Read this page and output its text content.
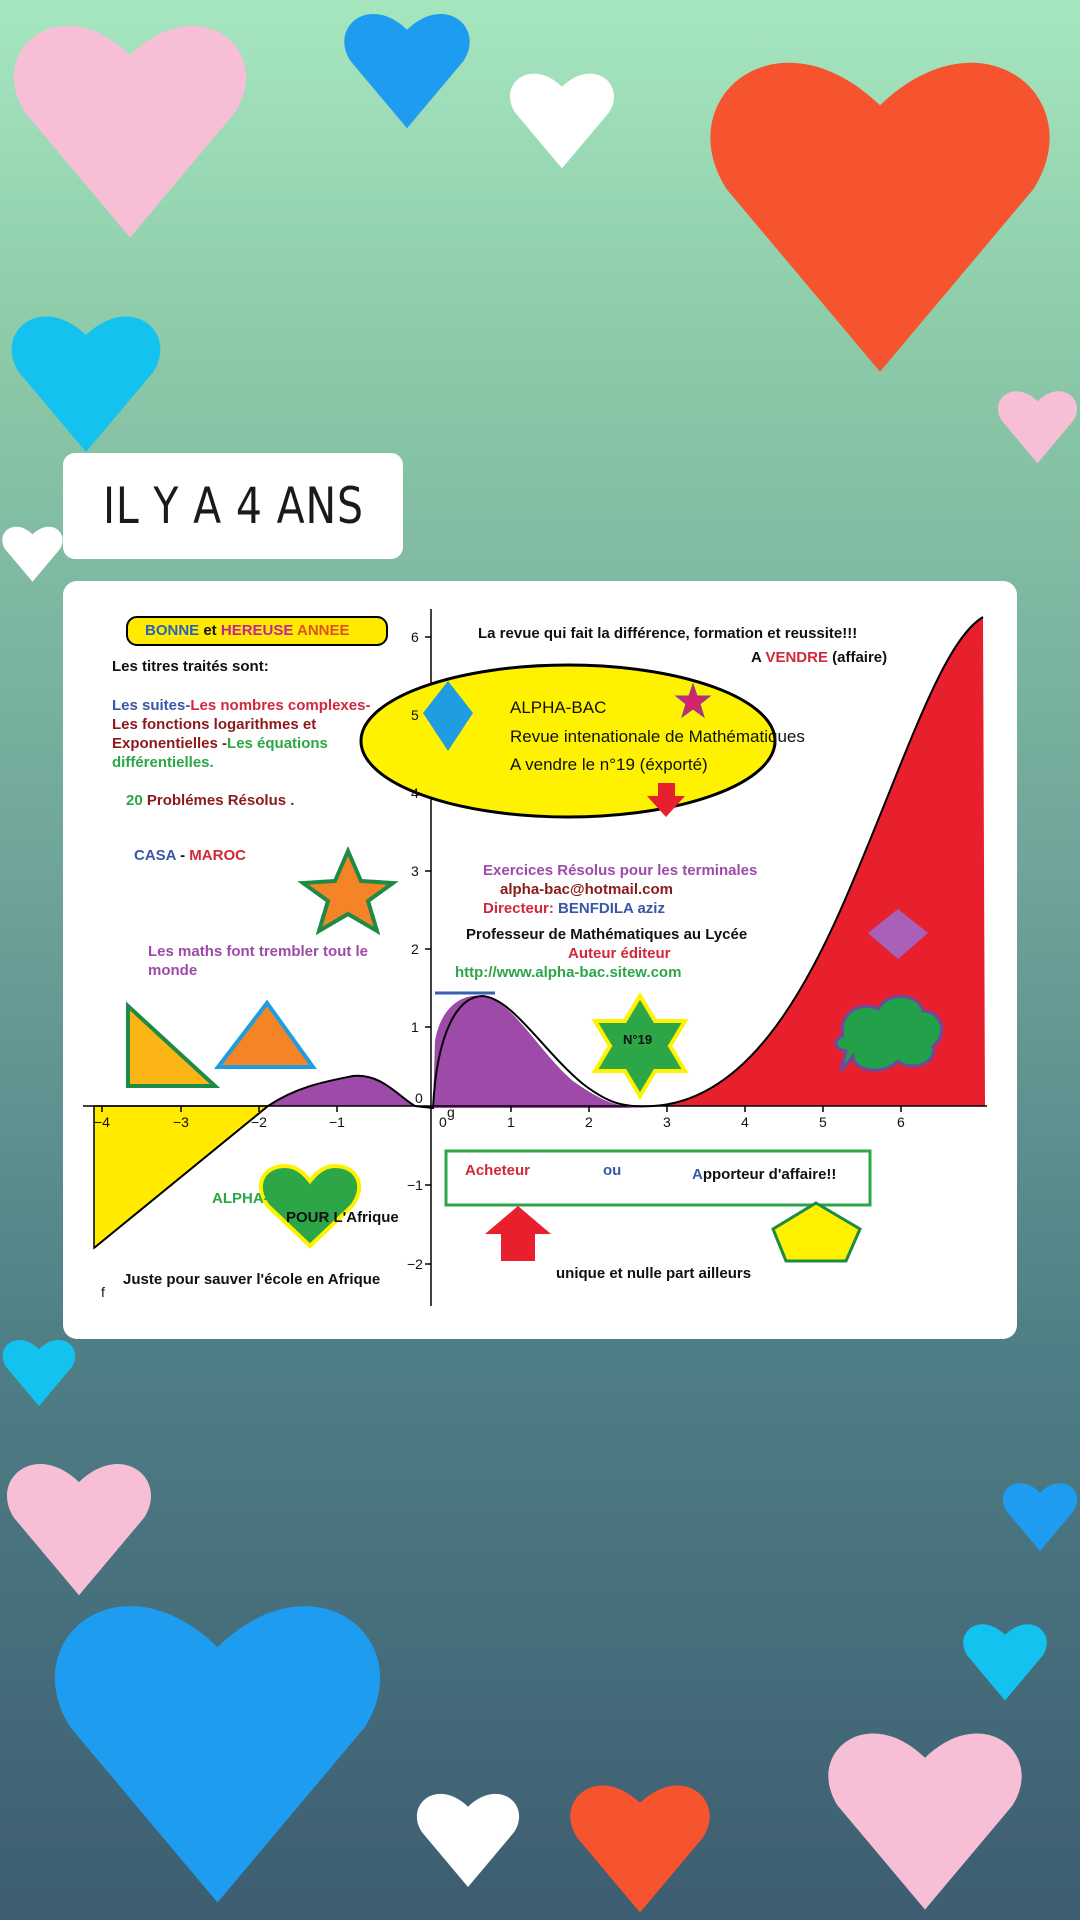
IL Y A 4 ANS
BONNE et HEREUSE ANNEE
Les titres traités sont:
Les suites-Les nombres complexes-
Les fonctions logarithmes et
Exponentielles -Les équations
différentielles.
20 Problémes Résolus .
CASA - MAROC
Les maths font trembler tout le
monde
La revue qui fait la différence, formation et reussite!!!
A VENDRE (affaire)
ALPHA-BAC
Revue intenationale de Mathématiques
A vendre le n°19 (éxporté)
Exercices Résolus pour les terminales
alpha-bac@hotmail.com
Directeur: BENFDILA aziz
Professeur de Mathématiques au Lycée
Auteur éditeur
http://www.alpha-bac.sitew.com
N°19
Acheteur	ou	Apporteur d'affaire!!
ALPHA-BAC
POUR L'Afrique
Juste pour sauver l'école en Afrique	unique et nulle part ailleurs
f
g
−4	−3	−2	−1	0	1	2	3	4	5	6
6
5
4
3
2
1
0
−1
−2
